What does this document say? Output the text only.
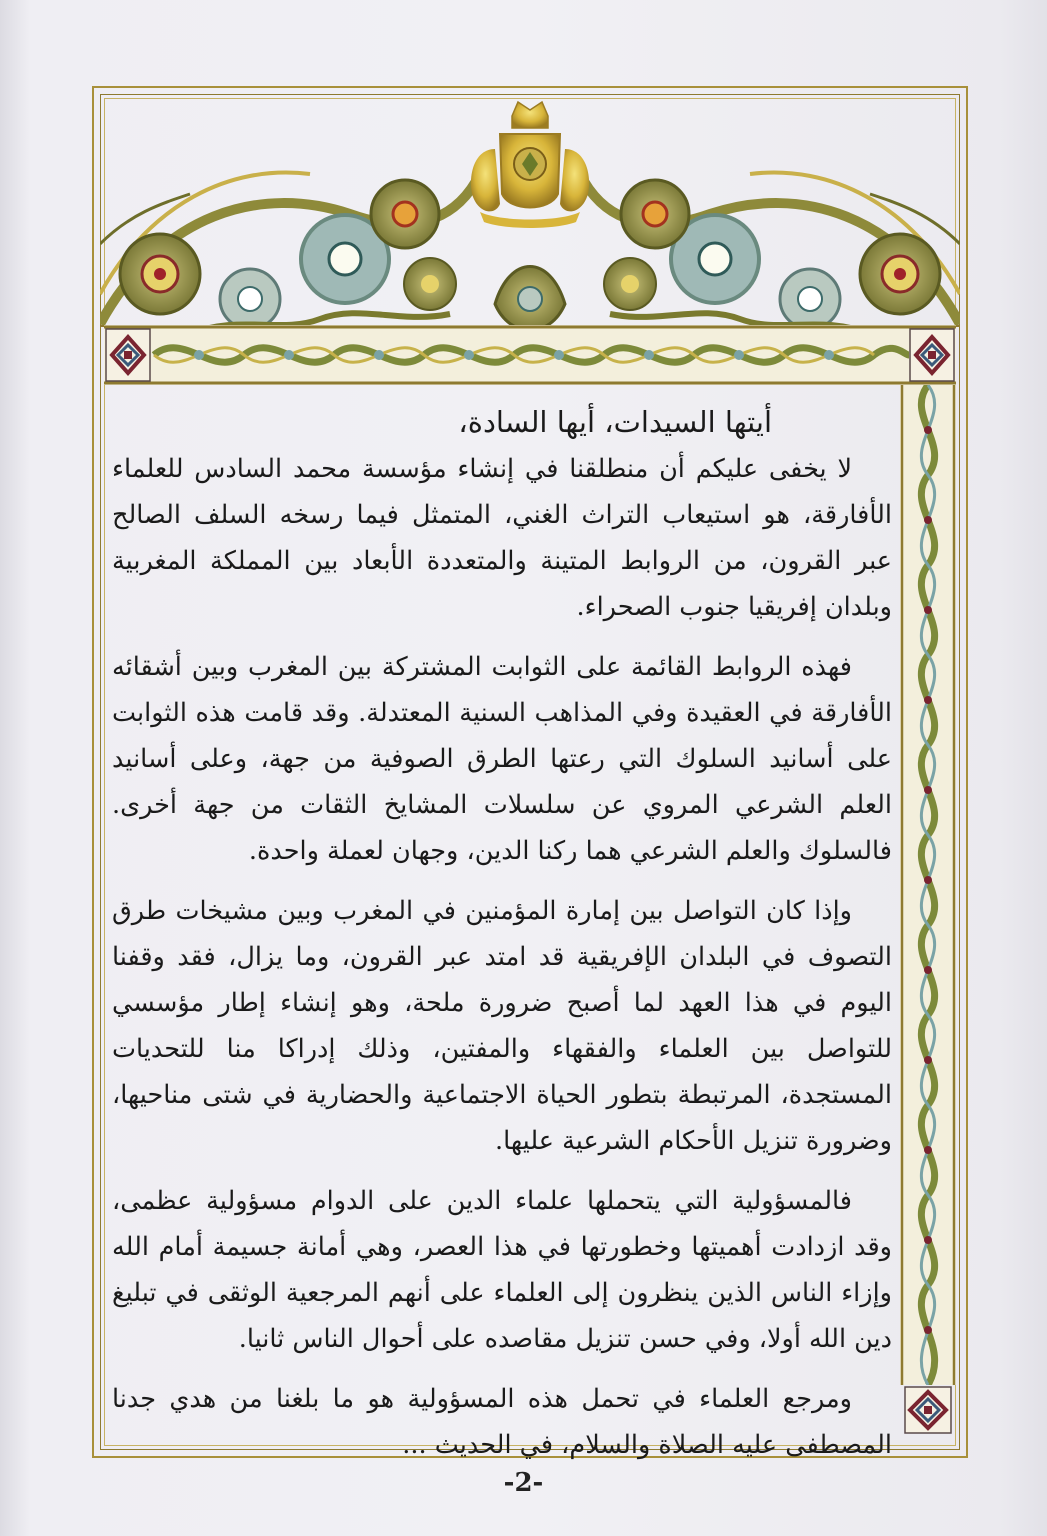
أيتها السيدات، أيها السادة،

لا يخفى عليكم أن منطلقنا في إنشاء مؤسسة محمد السادس للعلماء الأفارقة، هو استيعاب التراث الغني، المتمثل فيما رسخه السلف الصالح عبر القرون، من الروابط المتينة والمتعددة الأبعاد بين المملكة المغربية وبلدان إفريقيا جنوب الصحراء.

فهذه الروابط القائمة على الثوابت المشتركة بين المغرب وبين أشقائه الأفارقة في العقيدة وفي المذاهب السنية المعتدلة. وقد قامت هذه الثوابت على أسانيد السلوك التي رعتها الطرق الصوفية من جهة، وعلى أسانيد العلم الشرعي المروي عن سلسلات المشايخ الثقات من جهة أخرى. فالسلوك والعلم الشرعي هما ركنا الدين، وجهان لعملة واحدة.

وإذا كان التواصل بين إمارة المؤمنين في المغرب وبين مشيخات طرق التصوف في البلدان الإفريقية قد امتد عبر القرون، وما يزال، فقد وقفنا اليوم في هذا العهد لما أصبح ضرورة ملحة، وهو إنشاء إطار مؤسسي للتواصل بين العلماء والفقهاء والمفتين، وذلك إدراكا منا للتحديات المستجدة، المرتبطة بتطور الحياة الاجتماعية والحضارية في شتى مناحيها، وضرورة تنزيل الأحكام الشرعية عليها.

فالمسؤولية التي يتحملها علماء الدين على الدوام مسؤولية عظمى، وقد ازدادت أهميتها وخطورتها في هذا العصر، وهي أمانة جسيمة أمام الله وإزاء الناس الذين ينظرون إلى العلماء على أنهم المرجعية الوثقى في تبليغ دين الله أولا، وفي حسن تنزيل مقاصده على أحوال الناس ثانيا.

ومرجع العلماء في تحمل هذه المسؤولية هو ما بلغنا من هدي جدنا المصطفى عليه الصلاة والسلام، في الحديث ...

-2-
